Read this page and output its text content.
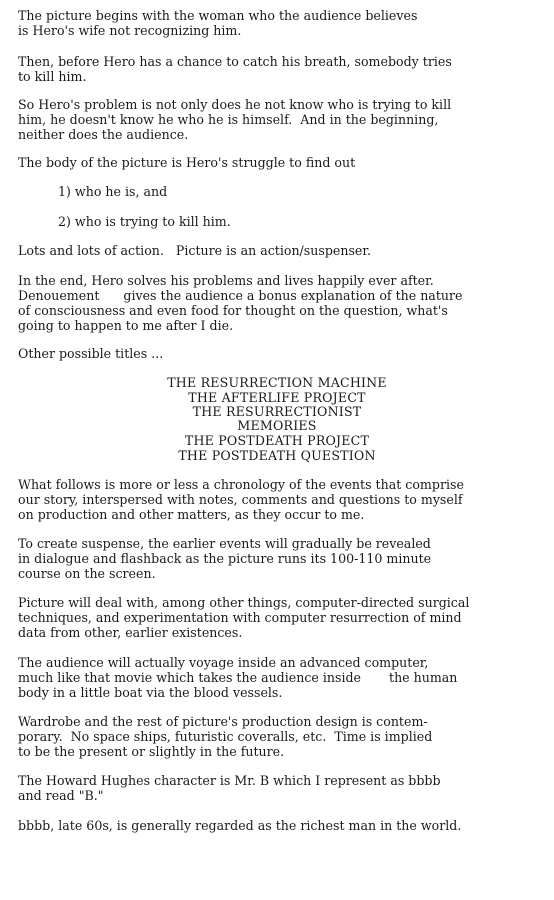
The picture begins with the woman who the audience believes
is Hero's wife not recognizing him.
Then, before Hero has a chance to catch his breath, somebody tries
to kill him.
So Hero's problem is not only does he not know who is trying to kill
him, he doesn't know he who he is himself.  And in the beginning,
neither does the audience.
The body of the picture is Hero's struggle to find out
1) who he is, and
2) who is trying to kill him.
Lots and lots of action.   Picture is an action/suspenser.
In the end, Hero solves his problems and lives happily ever after.
Denouement      gives the audience a bonus explanation of the nature
of consciousness and even food for thought on the question, what's
going to happen to me after I die.
Other possible titles ...
THE RESURRECTION MACHINE
THE AFTERLIFE PROJECT
THE RESURRECTIONIST
MEMORIES
THE POSTDEATH PROJECT
THE POSTDEATH QUESTION
What follows is more or less a chronology of the events that comprise
our story, interspersed with notes, comments and questions to myself
on production and other matters, as they occur to me.
To create suspense, the earlier events will gradually be revealed
in dialogue and flashback as the picture runs its 100-110 minute
course on the screen.
Picture will deal with, among other things, computer-directed surgical
techniques, and experimentation with computer resurrection of mind
data from other, earlier existences.
The audience will actually voyage inside an advanced computer,
much like that movie which takes the audience inside       the human
body in a little boat via the blood vessels.
Wardrobe and the rest of picture's production design is contem-
porary.  No space ships, futuristic coveralls, etc.  Time is implied
to be the present or slightly in the future.
The Howard Hughes character is Mr. B which I represent as bbbb
and read "B."
bbbb, late 60s, is generally regarded as the richest man in the world.
